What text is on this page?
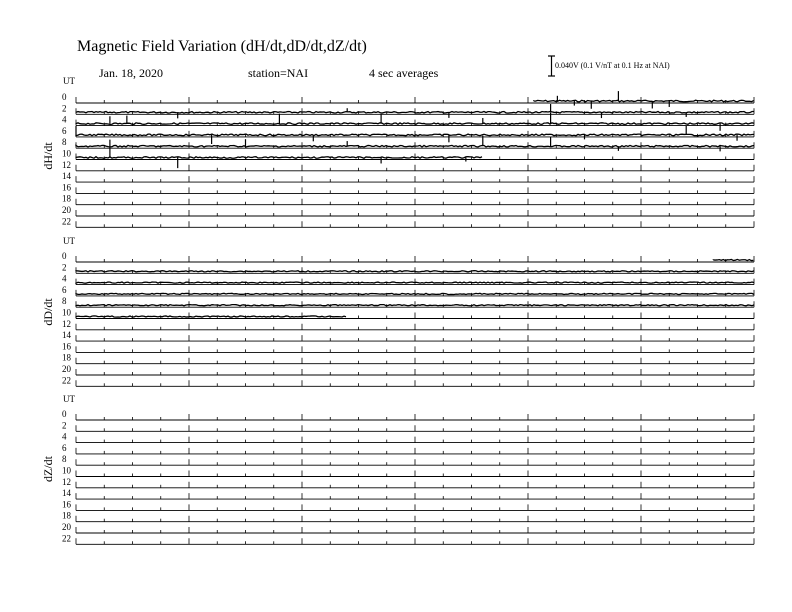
Magnetic Field Variation (dH/dt,dD/dt,dZ/dt)
Jan. 18, 2020	station=NAI	4 sec averages
0.040V (0.1 V/nT at 0.1 Hz at NAI)
UT
dH/dt
0
2
4
6
8
10
12
14
16
18
20
22
UT
dD/dt
0
2
4
6
8
10
12
14
16
18
20
22
UT
dZ/dt
0
2
4
6
8
10
12
14
16
18
20
22
